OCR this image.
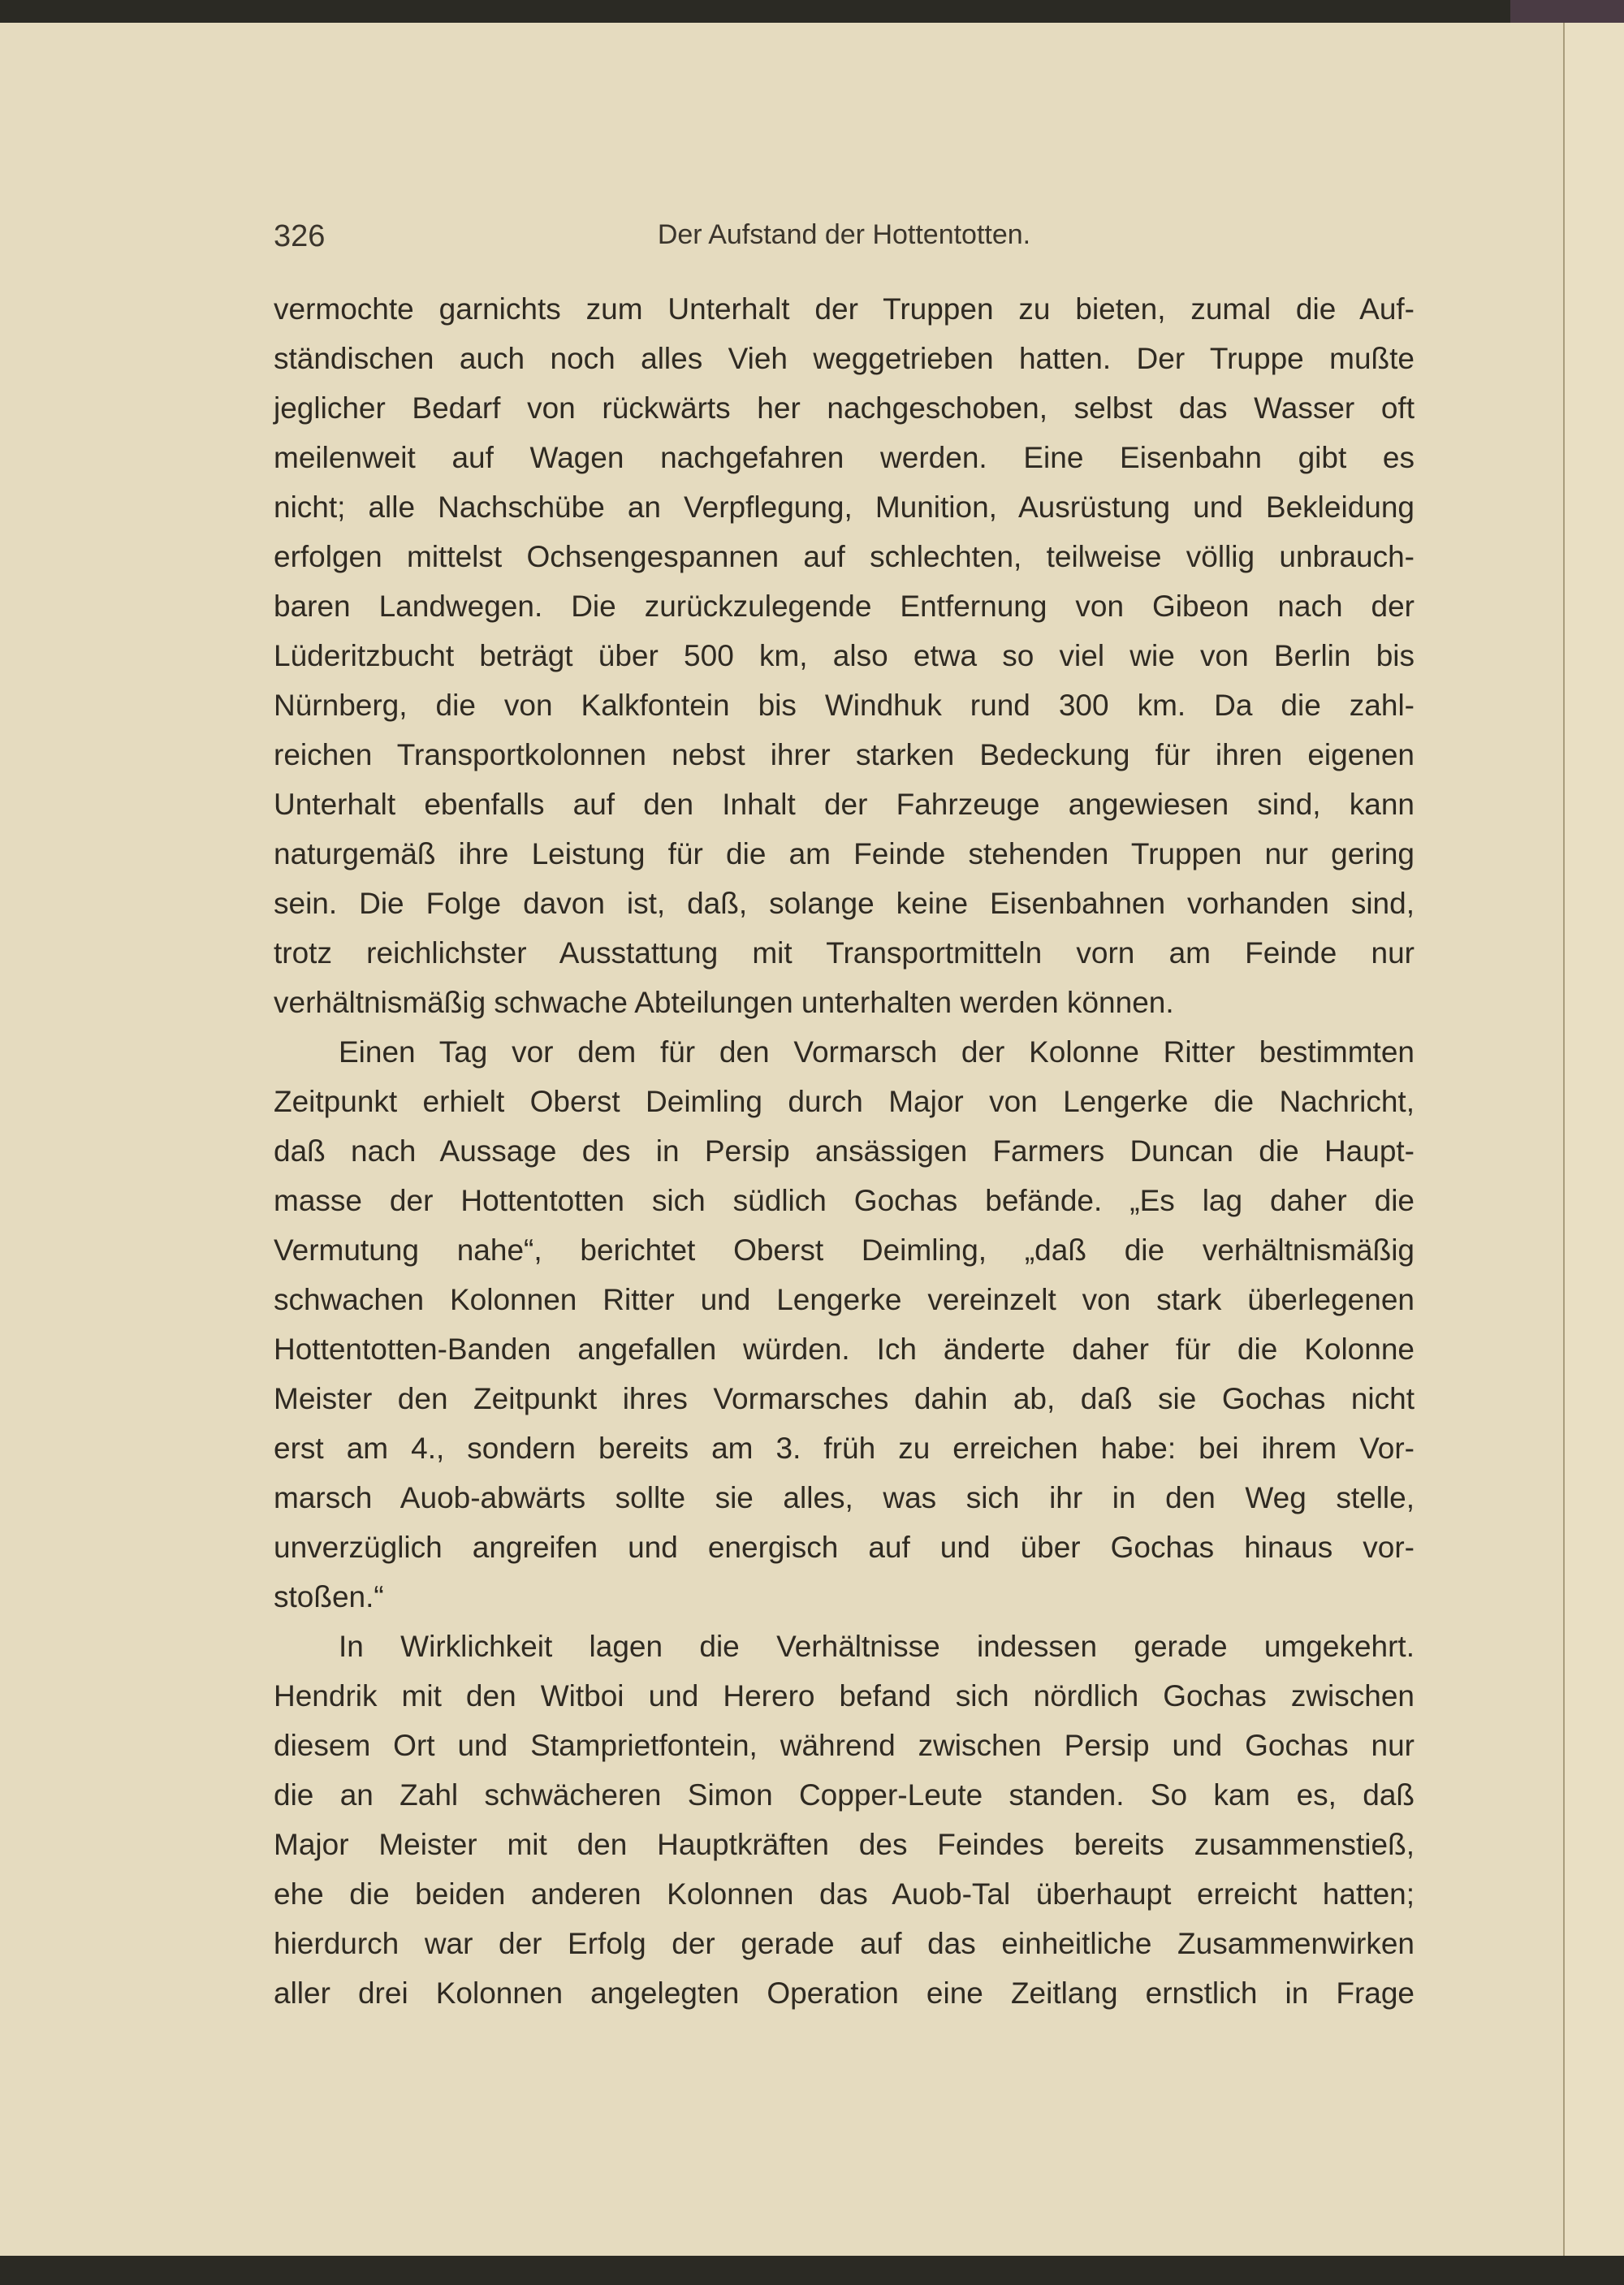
326	Der Aufstand der Hottentotten.
vermochte garnichts zum Unterhalt der Truppen zu bieten, zumal die Auf-
ständischen auch noch alles Vieh weggetrieben hatten. Der Truppe mußte
jeglicher Bedarf von rückwärts her nachgeschoben, selbst das Wasser oft
meilenweit auf Wagen nachgefahren werden. Eine Eisenbahn gibt es
nicht; alle Nachschübe an Verpflegung, Munition, Ausrüstung und Bekleidung
erfolgen mittelst Ochsengespannen auf schlechten, teilweise völlig unbrauch-
baren Landwegen. Die zurückzulegende Entfernung von Gibeon nach der
Lüderitzbucht beträgt über 500 km, also etwa so viel wie von Berlin bis
Nürnberg, die von Kalkfontein bis Windhuk rund 300 km. Da die zahl-
reichen Transportkolonnen nebst ihrer starken Bedeckung für ihren eigenen
Unterhalt ebenfalls auf den Inhalt der Fahrzeuge angewiesen sind, kann
naturgemäß ihre Leistung für die am Feinde stehenden Truppen nur gering
sein. Die Folge davon ist, daß, solange keine Eisenbahnen vorhanden sind,
trotz reichlichster Ausstattung mit Transportmitteln vorn am Feinde nur
verhältnismäßig schwache Abteilungen unterhalten werden können.
Einen Tag vor dem für den Vormarsch der Kolonne Ritter bestimmten
Zeitpunkt erhielt Oberst Deimling durch Major von Lengerke die Nachricht,
daß nach Aussage des in Persip ansässigen Farmers Duncan die Haupt-
masse der Hottentotten sich südlich Gochas befände. „Es lag daher die
Vermutung nahe“, berichtet Oberst Deimling, „daß die verhältnismäßig
schwachen Kolonnen Ritter und Lengerke vereinzelt von stark überlegenen
Hottentotten-Banden angefallen würden. Ich änderte daher für die Kolonne
Meister den Zeitpunkt ihres Vormarsches dahin ab, daß sie Gochas nicht
erst am 4., sondern bereits am 3. früh zu erreichen habe: bei ihrem Vor-
marsch Auob-abwärts sollte sie alles, was sich ihr in den Weg stelle,
unverzüglich angreifen und energisch auf und über Gochas hinaus vor-
stoßen.“
In Wirklichkeit lagen die Verhältnisse indessen gerade umgekehrt.
Hendrik mit den Witboi und Herero befand sich nördlich Gochas zwischen
diesem Ort und Stamprietfontein, während zwischen Persip und Gochas nur
die an Zahl schwächeren Simon Copper-Leute standen. So kam es, daß
Major Meister mit den Hauptkräften des Feindes bereits zusammenstieß,
ehe die beiden anderen Kolonnen das Auob-Tal überhaupt erreicht hatten;
hierdurch war der Erfolg der gerade auf das einheitliche Zusammenwirken
aller drei Kolonnen angelegten Operation eine Zeitlang ernstlich in Frage
